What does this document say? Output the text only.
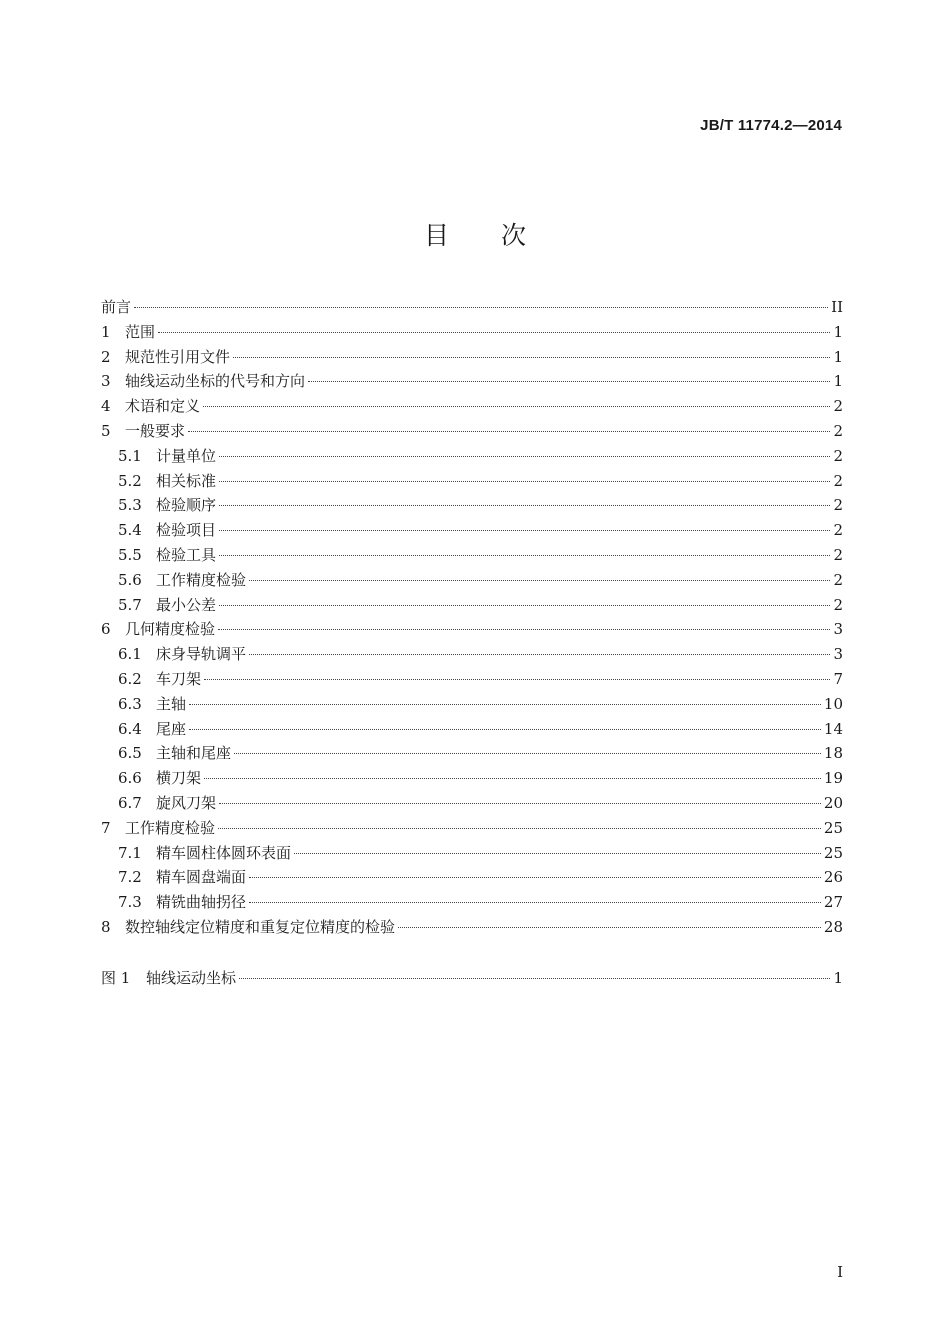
JB/T 11774.2—2014
目 次
前言	II
1 范围	1
2 规范性引用文件	1
3 轴线运动坐标的代号和方向	1
4 术语和定义	2
5 一般要求	2
5.1 计量单位	2
5.2 相关标准	2
5.3 检验顺序	2
5.4 检验项目	2
5.5 检验工具	2
5.6 工作精度检验	2
5.7 最小公差	2
6 几何精度检验	3
6.1 床身导轨调平	3
6.2 车刀架	7
6.3 主轴	10
6.4 尾座	14
6.5 主轴和尾座	18
6.6 横刀架	19
6.7 旋风刀架	20
7 工作精度检验	25
7.1 精车圆柱体圆环表面	25
7.2 精车圆盘端面	26
7.3 精铣曲轴拐径	27
8 数控轴线定位精度和重复定位精度的检验	28
图 1	轴线运动坐标	1
I
